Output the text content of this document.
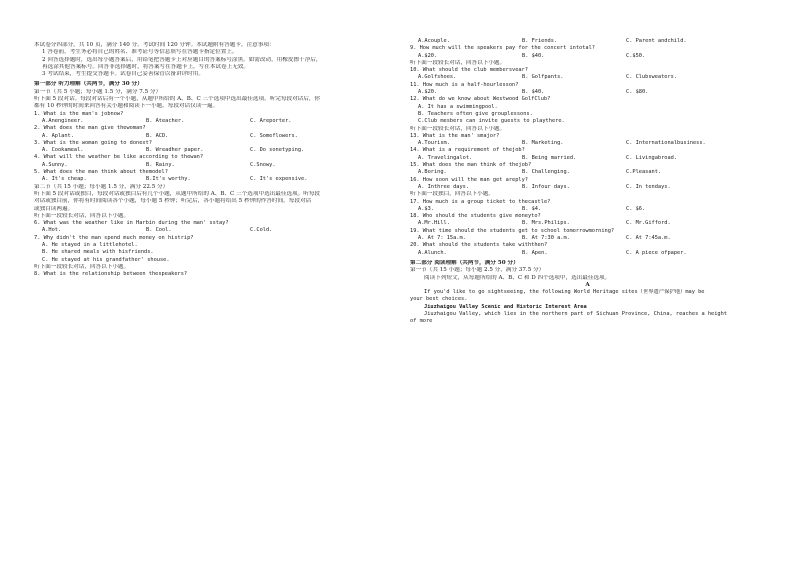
本试卷分四部分，共 10 页，满分 140 分。考试时间 120 分钟。本试题附有答题卡，注意事项：
1 答卷前，考生务必将自己的姓名、准考证号等信息填写在答题卡指定位置上。
2 回答选择题时，选出每小题答案后，用铅笔把答题卡上对应题目的答案标号涂黑。如需改动，用橡皮擦干净后，
再选涂其他答案标号。回答非选择题时，将答案写在答题卡上，写在本试卷上无效。
3 考试结束，考生提交答题卡。试卷自己妥善保管以备讲评时用。
第一部分 听力理解（共两节，满分 30 分）
第一节（共 5 小题；每小题 1.5 分，满分 7.5 分）
听下面 5 段对话。每段对话后有一个小题，从题中所给的 A、B、C 三个选项中选出最佳选项。听完每段对话后，你
都有 10 秒钟的时间来回答有关小题和阅读下一小题。每段对话仅读一遍。
1. What is the man's jobnow?
A.Anengineer.	B. Ateacher.	C. Areporter.
2. What does the man give thewoman?
A. Aplant.	B. ACD.	C. Someflowers.
3. What is the woman going to donext?
A. Cookameal.	B. Wreadher paper.	C. Do sonetyping.
4. What will the weather be like according to thewan?
A.Sunny.	B. Rainy.	C.Snowy.
5. What does the man think about themodel?
A. It's cheap.	B.It's worthy.	C. It's expensive.
第二节（共 15 小题；每小题 1.5 分，满分 22.5 分）
听下面 5 段对话或独白，每段对话或独白后有几个小题，从题中所给的 A、B、C 三个选项中选出最佳选项。听每段
对话或独白前，你将有时间阅读各个小题，每小题 5 秒钟；听完后，各小题将给出 5 秒钟的作答时间。每段对话
或独白读两遍。
听下面一段较长对话，回答以下小题。
6. What was the weather like in Harbin during the man' sstay?
A.Hot.	B. Cool.	C.Cold.
7. Why didn't the man spend much money on histrip?
A. He stayed in a littlehotel.
B. He shared meals with hisfriends.
C. He stayed at his grandfather' shouse.
听下面一段较长对话，回答以下小题。
8. What is the relationship between thespeakers?
A.Acouple.	B. Friends.	C. Parent andchild.
9. How much will the speakers pay for the concert intotal?
A.$20.	B. $40.	C.$50.
听下面一段较长对话，回答以下小题。
10. What should the club membersvear?
A.Golfshoes.	B. Golfpants.	C. Clubsweaters.
11. How much is a half-hourlesson?
A.$20.	B. $40.	C. $80.
12. What do we know about Westwood GolfClub?
A. It has a swimmingpool.
B. Teachers often give grouplessons.
C.Club mesbers can invite guests to playthere.
听下面一段较长对话，回答以下小题。
13. What is the man' smajor?
A.Tourism.	B. Marketing.	C. Internationalbusiness.
14. What is a requirement of thejob?
A. Travelingalot.	B. Being married.	C. Livingabroad.
15. What does the man think of thejob?
A.Boring.	B. Challenging.	C.Pleasant.
16. How soon will the man get areply?
A. Inthree days.	B. Infour days.	C. In tendays.
听下面一段独白，回答以下小题。
17. How much is a group ticket to thecastle?
A.$3.	B. $4.	C. $6.
18. Who should the students give moneyto?
A.Mr.Hill.	B. Mrs.Philips.	C. Mr.Gifford.
19. What time should the students get to school tomorrowmorning?
A. At 7: 15a.m.	B. At 7:30 a.m.	C. At 7:45a.m.
20. What should the students take withthen?
A.Alunch.	B. Apen.	C. A piece ofpaper.
第二部分 阅读理解（共两节，满分 50 分）
第一节（共 15 小题；每小题 2.5 分，满分 37.5 分）
阅读下列短文，从每题所给的 A、B、C 和 D 四个选项中，选出最佳选项。
A
If you'd like to go sightseeing, the following World Heritage sites（世界遗产保护地）may be
your best choices.
Jiuzhaigou Valley Scenic and Historic Interest Area
Jiuzhaigou Valley, which lies in the northern part of Sichuan Province, China, reaches a height
of more
